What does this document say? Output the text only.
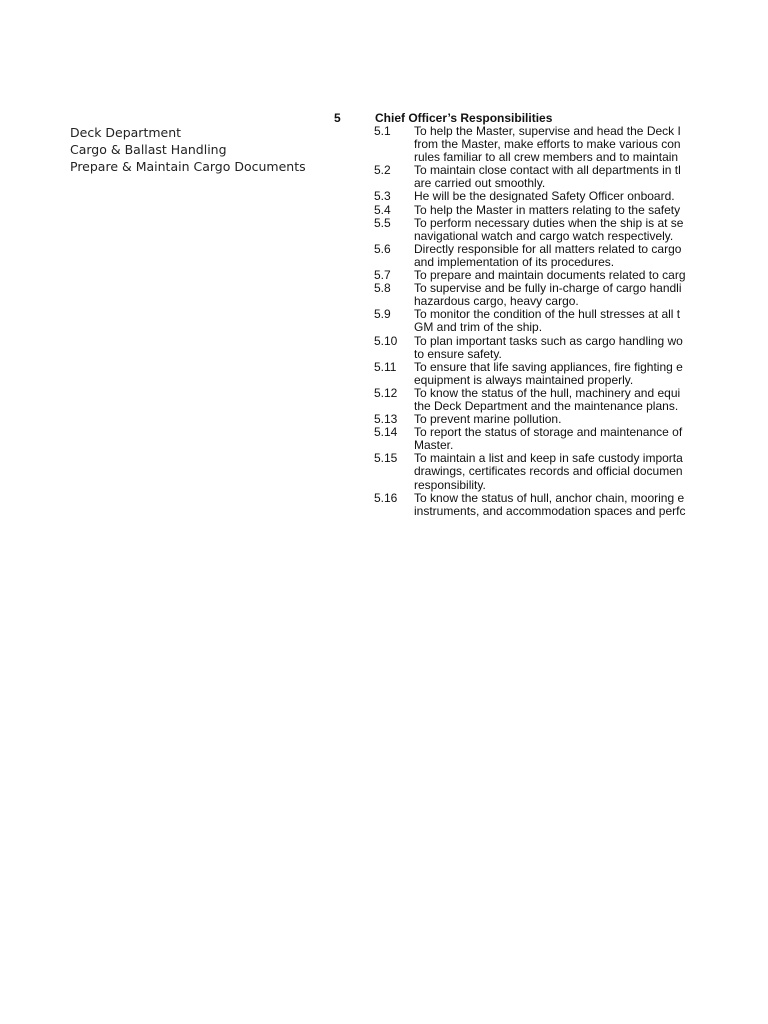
Deck Department
Cargo & Ballast Handling
Prepare & Maintain Cargo Documents
5	Chief Officer’s Responsibilities
5.1	To help the Master, supervise and head the Deck I
from the Master, make efforts to make various con
rules familiar to all crew members and to maintain
5.2	To maintain close contact with all departments in tl
are carried out smoothly.
5.3	He will be the designated Safety Officer onboard.
5.4	To help the Master in matters relating to the safety
5.5	To perform necessary duties when the ship is at se
navigational watch and cargo watch respectively.
5.6	Directly responsible for all matters related to cargo
and implementation of its procedures.
5.7	To prepare and maintain documents related to carg
5.8	To supervise and be fully in-charge of cargo handli
hazardous cargo, heavy cargo.
5.9	To monitor the condition of the hull stresses at all t
GM and trim of the ship.
5.10	To plan important tasks such as cargo handling wo
to ensure safety.
5.11	To ensure that life saving appliances, fire fighting e
equipment is always maintained properly.
5.12	To know the status of the hull, machinery and equi
the Deck Department and the maintenance plans.
5.13	To prevent marine pollution.
5.14	To report the status of storage and maintenance of
Master.
5.15	To maintain a list and keep in safe custody importa
drawings, certificates records and official documen
responsibility.
5.16	To know the status of hull, anchor chain, mooring e
instruments, and accommodation spaces and perfc
